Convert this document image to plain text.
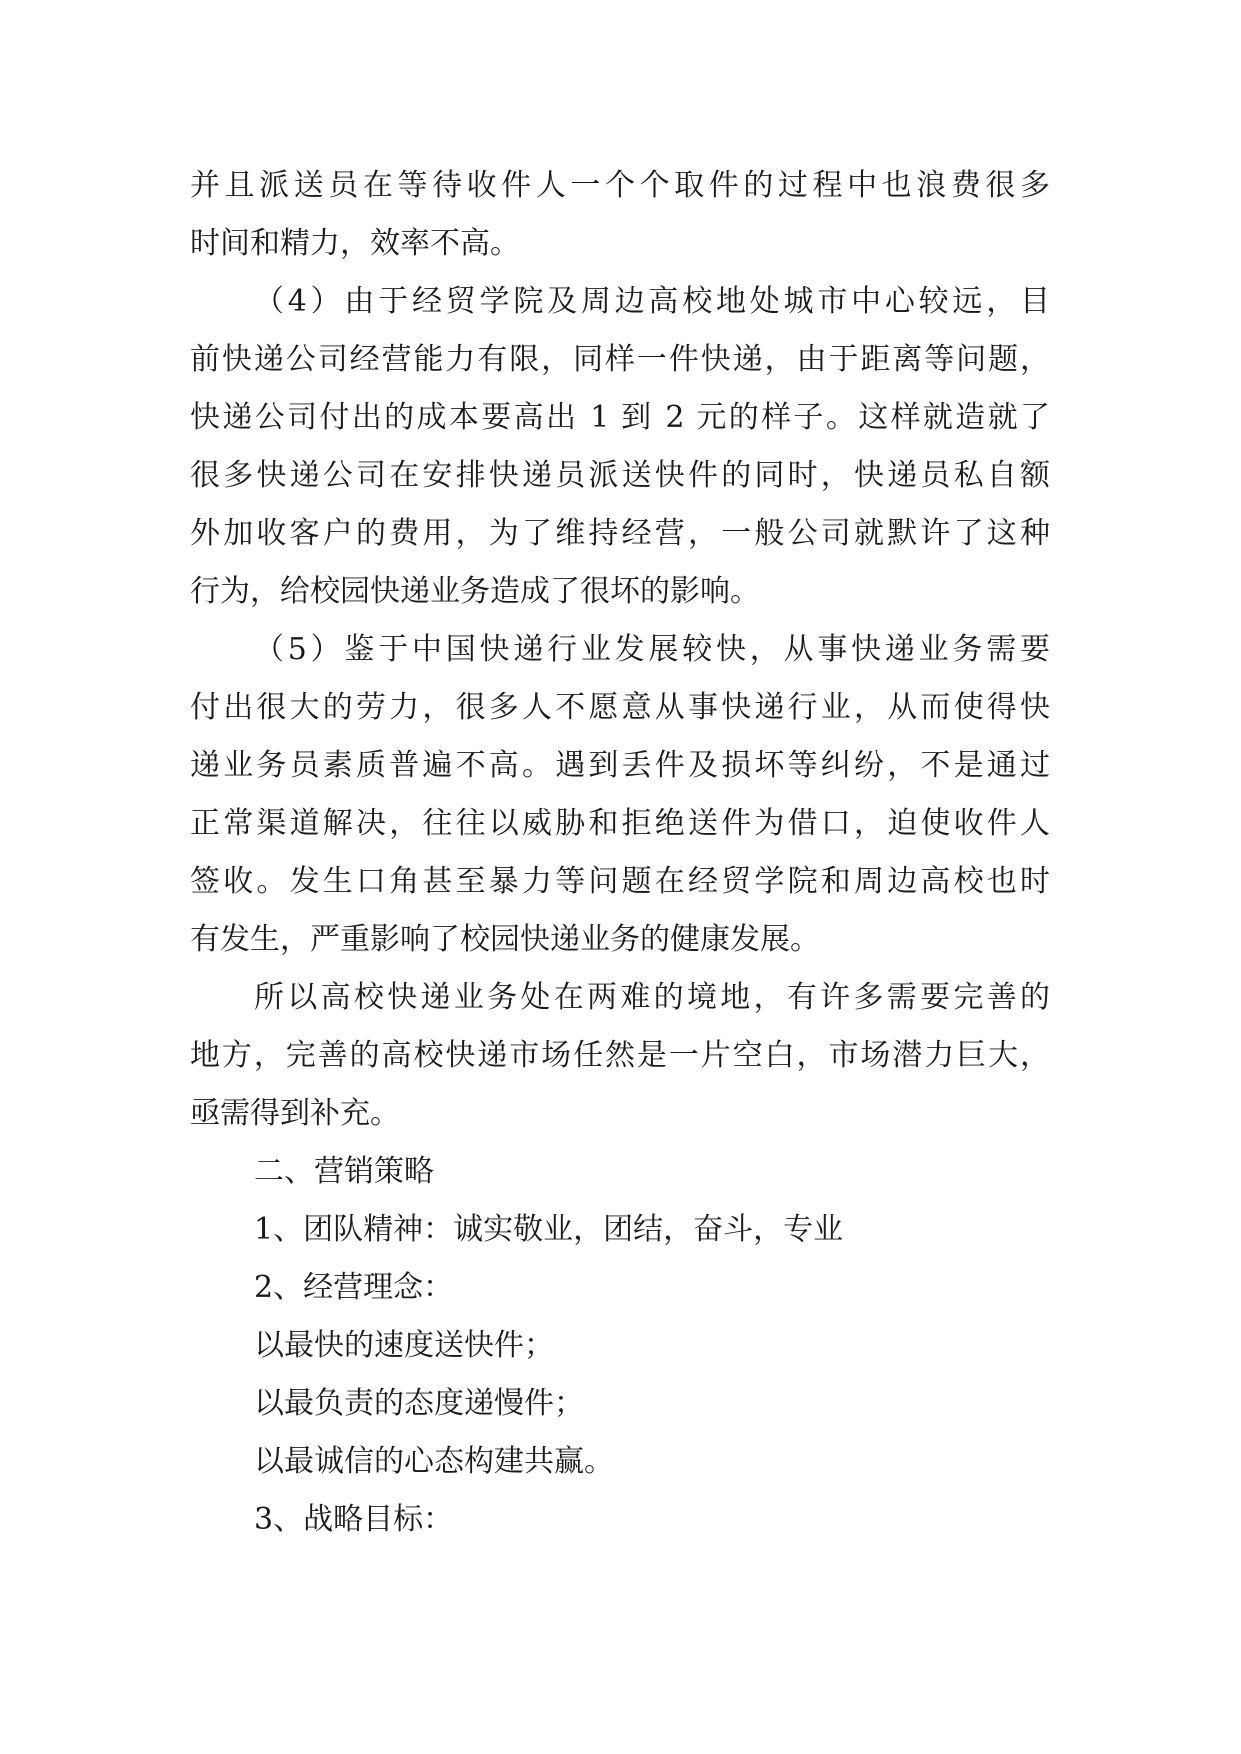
并且派送员在等待收件人一个个取件的过程中也浪费很多
时间和精力，效率不高。
（4）由于经贸学院及周边高校地处城市中心较远，目
前快递公司经营能力有限，同样一件快递，由于距离等问题，
快递公司付出的成本要高出 1 到 2 元的样子。这样就造就了
很多快递公司在安排快递员派送快件的同时，快递员私自额
外加收客户的费用，为了维持经营，一般公司就默许了这种
行为，给校园快递业务造成了很坏的影响。
（5）鉴于中国快递行业发展较快，从事快递业务需要
付出很大的劳力，很多人不愿意从事快递行业，从而使得快
递业务员素质普遍不高。遇到丢件及损坏等纠纷，不是通过
正常渠道解决，往往以威胁和拒绝送件为借口，迫使收件人
签收。发生口角甚至暴力等问题在经贸学院和周边高校也时
有发生，严重影响了校园快递业务的健康发展。
所以高校快递业务处在两难的境地，有许多需要完善的
地方，完善的高校快递市场任然是一片空白，市场潜力巨大，
亟需得到补充。
二、营销策略
1、团队精神：诚实敬业，团结，奋斗，专业
2、经营理念：
以最快的速度送快件；
以最负责的态度递慢件；
以最诚信的心态构建共赢。
3、战略目标：
